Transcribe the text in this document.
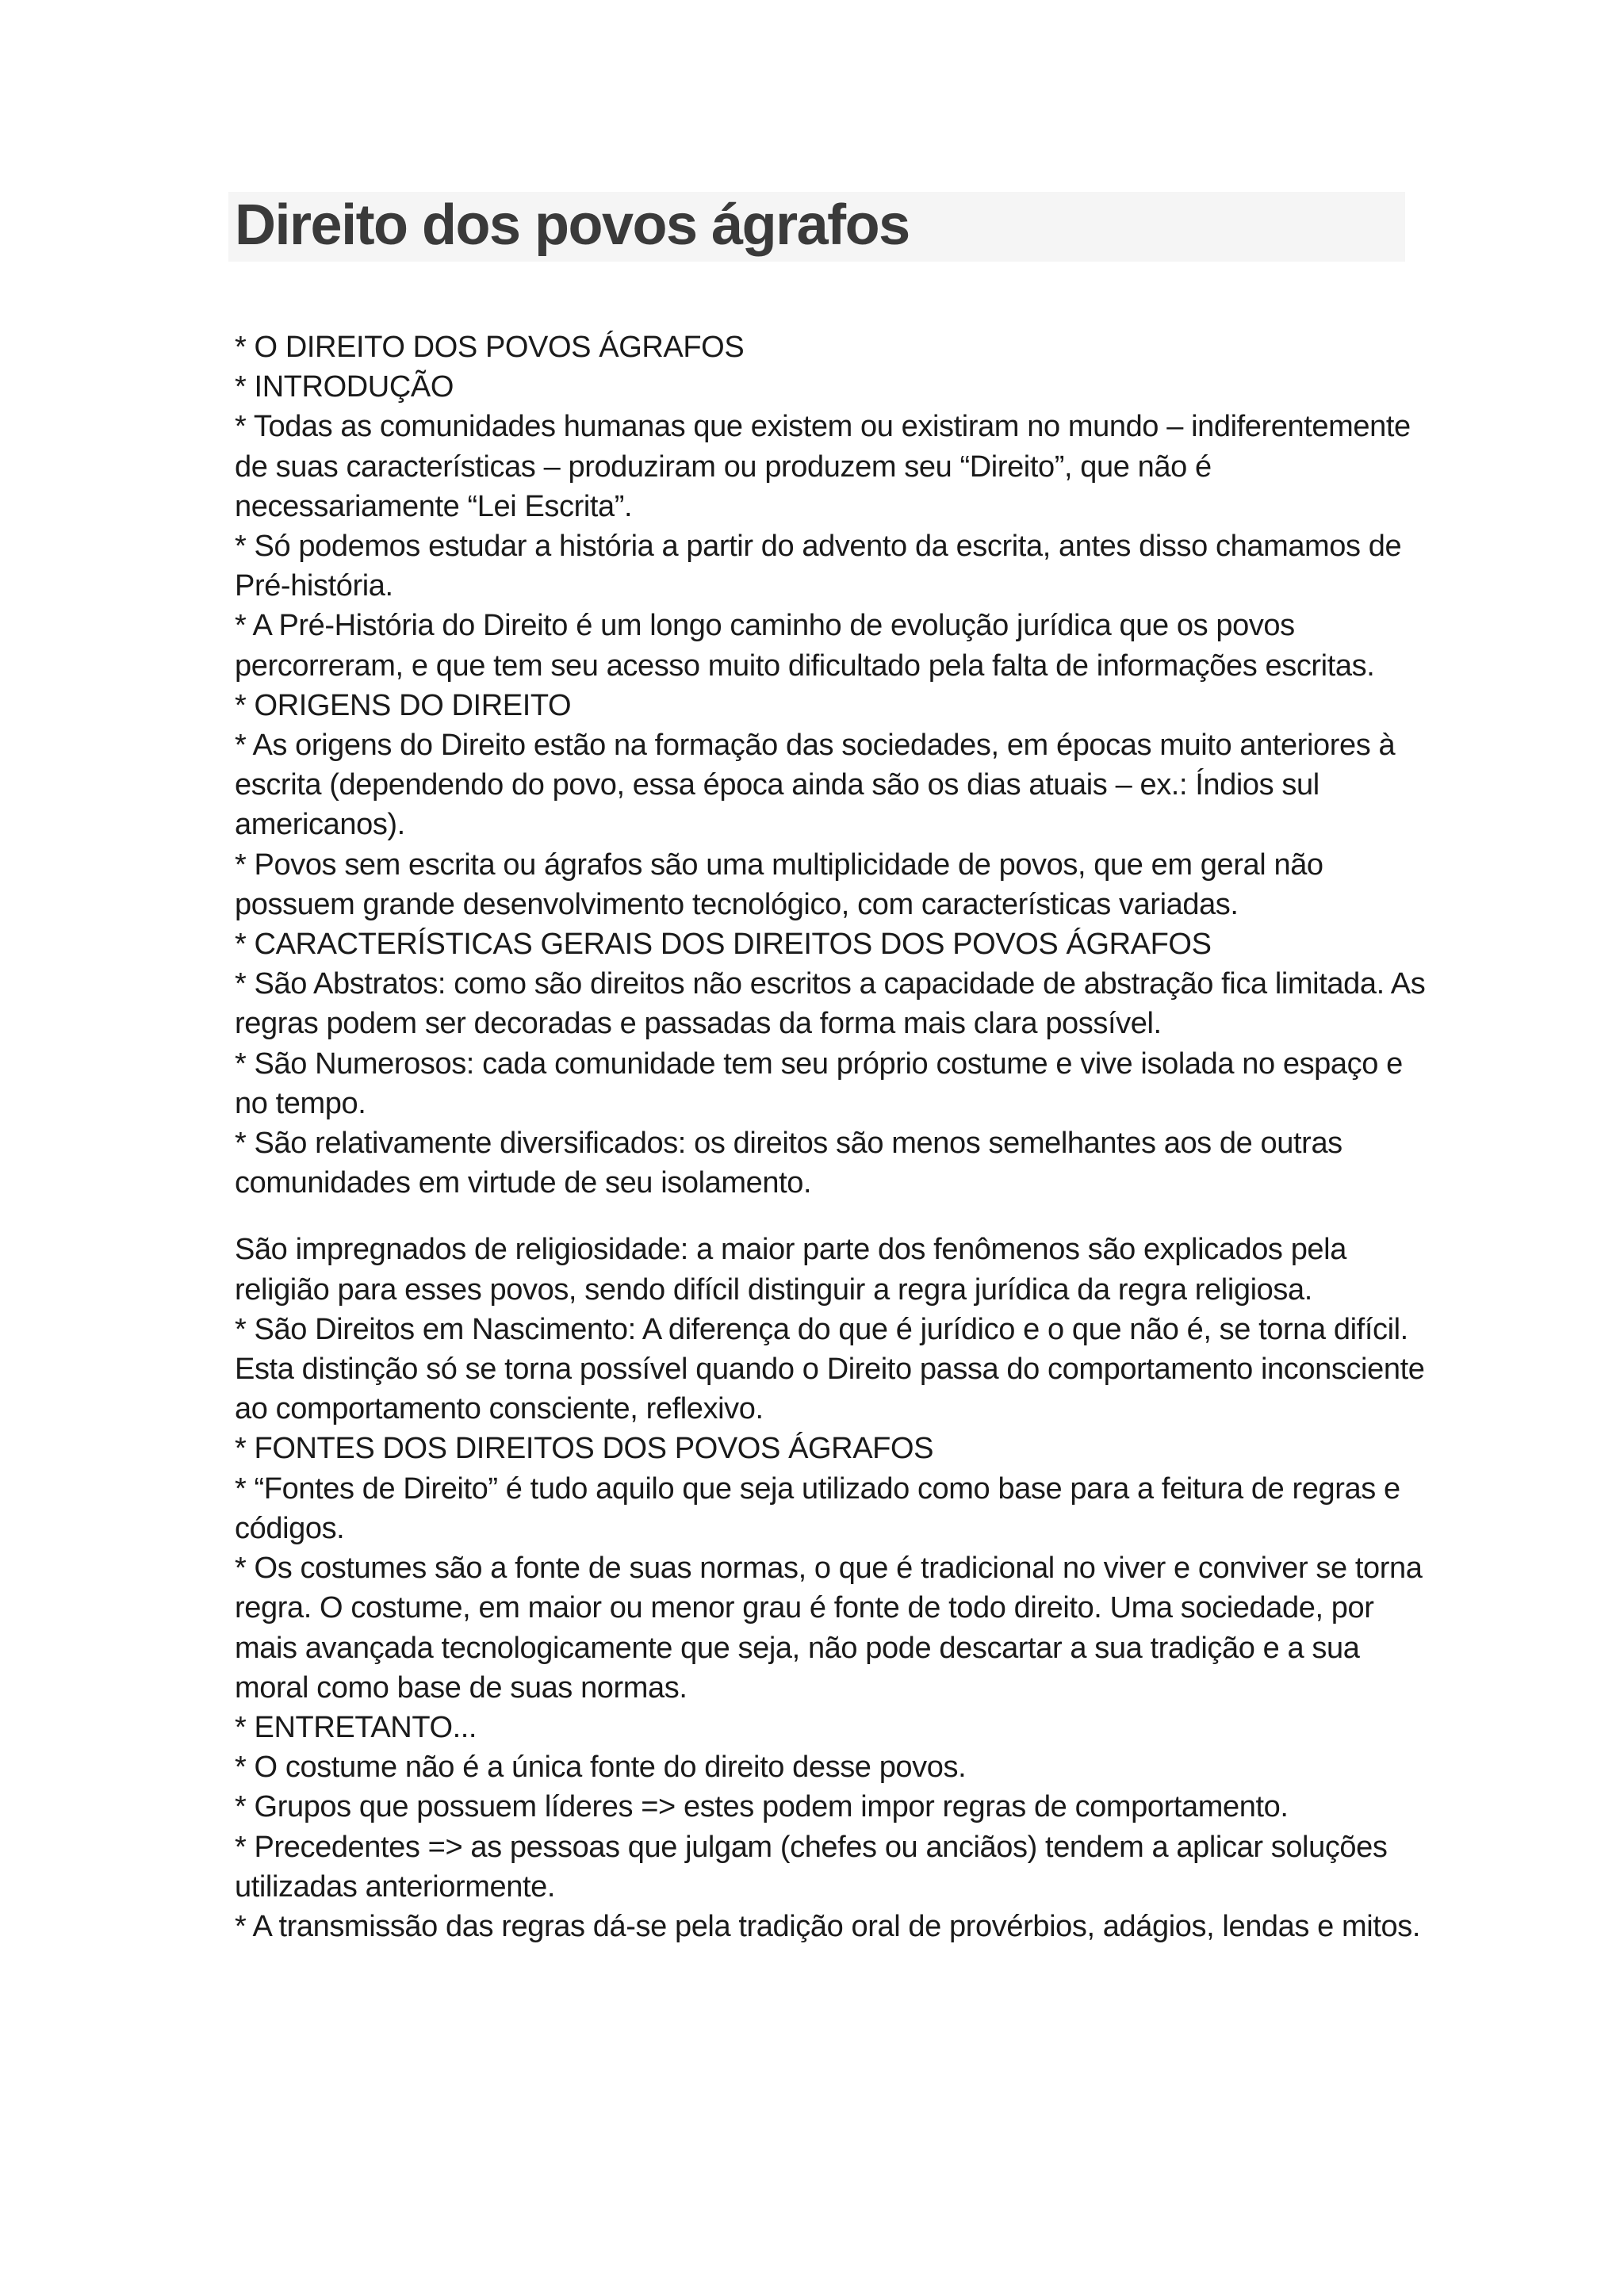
Direito dos povos ágrafos

* O DIREITO DOS POVOS ÁGRAFOS

* INTRODUÇÃO

* Todas as comunidades humanas que existem ou existiram no mundo – indiferentemente de suas características – produziram ou produzem seu “Direito”, que não é necessariamente “Lei Escrita”.

* Só podemos estudar a história a partir do advento da escrita, antes disso chamamos de Pré-história.

* A Pré-História do Direito é um longo caminho de evolução jurídica que os povos percorreram, e que tem seu acesso muito dificultado pela falta de informações escritas.

* ORIGENS DO DIREITO

* As origens do Direito estão na formação das sociedades, em épocas muito anteriores à escrita (dependendo do povo, essa época ainda são os dias atuais – ex.: Índios sul americanos).

* Povos sem escrita ou ágrafos são uma multiplicidade de povos, que em geral não possuem grande desenvolvimento tecnológico, com características variadas.

* CARACTERÍSTICAS GERAIS DOS DIREITOS DOS POVOS ÁGRAFOS

* São Abstratos: como são direitos não escritos a capacidade de abstração fica limitada. As regras podem ser decoradas e passadas da forma mais clara possível.

* São Numerosos: cada comunidade tem seu próprio costume e vive isolada no espaço e no tempo.

* São relativamente diversificados: os direitos são menos semelhantes aos de outras comunidades em virtude de seu isolamento.

São impregnados de religiosidade: a maior parte dos fenômenos são explicados pela religião para esses povos, sendo difícil distinguir a regra jurídica da regra religiosa.

* São Direitos em Nascimento: A diferença do que é jurídico e o que não é, se torna difícil. Esta distinção só se torna possível quando o Direito passa do comportamento inconsciente ao comportamento consciente, reflexivo.

* FONTES DOS DIREITOS DOS POVOS ÁGRAFOS

* “Fontes de Direito” é tudo aquilo que seja utilizado como base para a feitura de regras e códigos.

* Os costumes são a fonte de suas normas, o que é tradicional no viver e conviver se torna regra. O costume, em maior ou menor grau é fonte de todo direito. Uma sociedade, por mais avançada tecnologicamente que seja, não pode descartar a sua tradição e a sua moral como base de suas normas.

* ENTRETANTO...

* O costume não é a única fonte do direito desse povos.

* Grupos que possuem líderes => estes podem impor regras de comportamento.

* Precedentes => as pessoas que julgam (chefes ou anciãos) tendem a aplicar soluções utilizadas anteriormente.

* A transmissão das regras dá-se pela tradição oral de provérbios, adágios, lendas e mitos.
